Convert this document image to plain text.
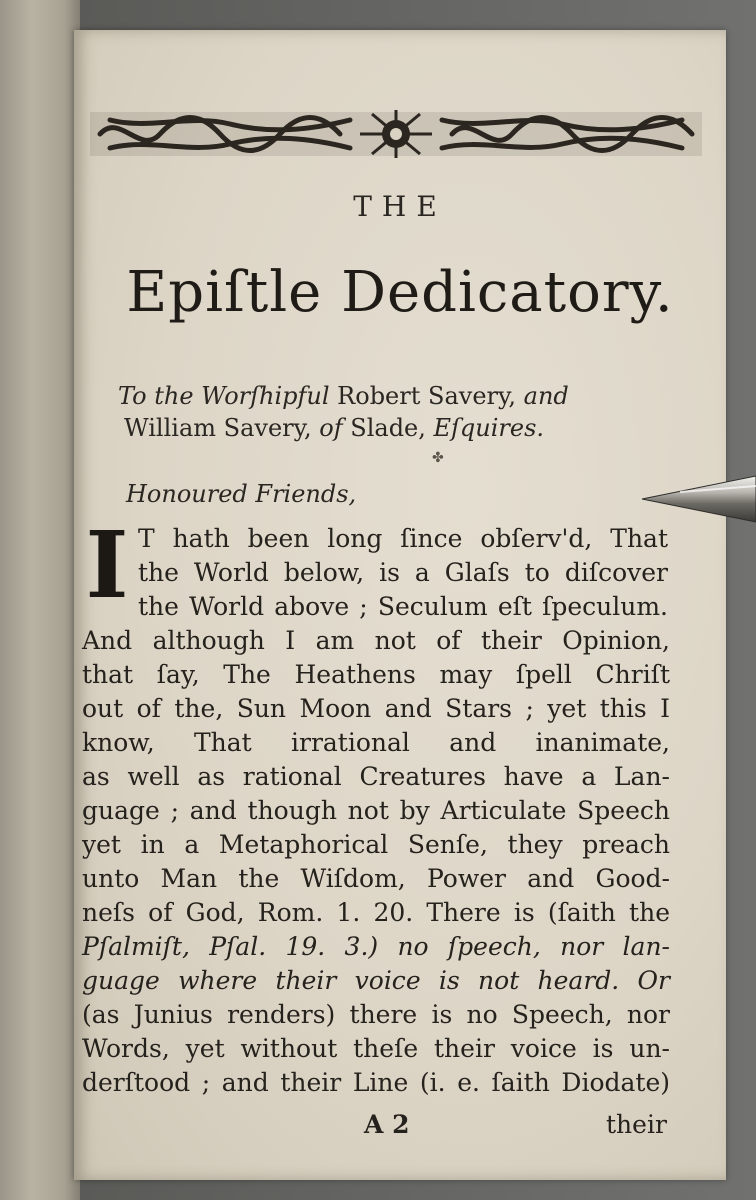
THE
Epiſtle Dedicatory.
To the Worſhipful Robert Savery, and
William Savery, of Slade, Eſquires.
✤
Honoured Friends,
I T hath been long ſince obſerv'd, That
the World below, is a Glaſs to diſcover
the World above ; Seculum eſt ſpeculum.
And although I am not of their Opinion,
that ſay, The Heathens may ſpell Chriſt
out of the, Sun Moon and Stars ; yet this I
know, That irrational and inanimate,
as well as rational Creatures have a Lan-
guage ; and though not by Articulate Speech
yet in a Metaphorical Senſe, they preach
unto Man the Wiſdom, Power and Good-
neſs of God, Rom. 1. 20. There is (ſaith the
Pſalmiſt, Pſal. 19. 3.) no ſpeech, nor lan-
guage where their voice is not heard. Or
(as Junius renders) there is no Speech, nor
Words, yet without theſe their voice is un-
derſtood ; and their Line (i. e. ſaith Diodate)
A 2	their
